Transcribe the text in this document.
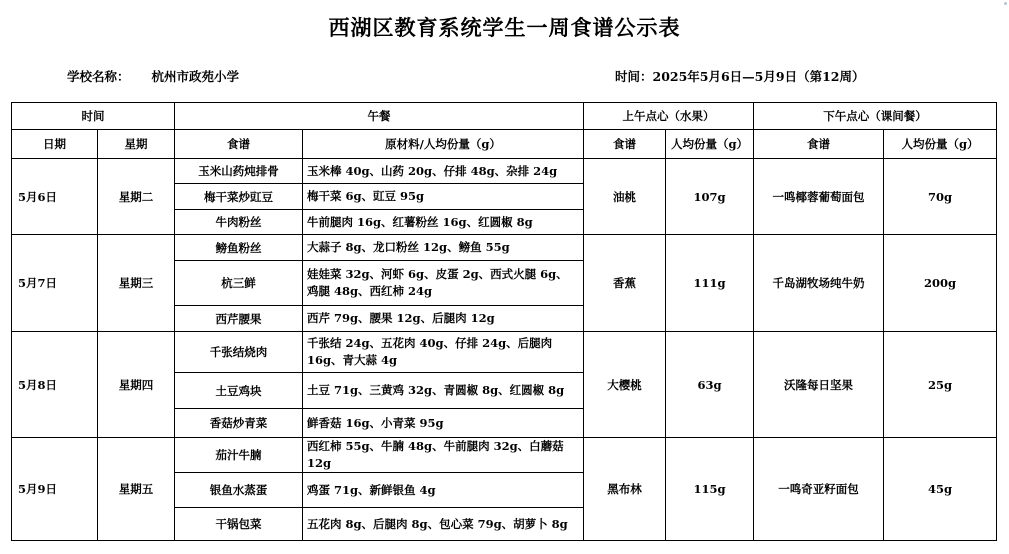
西湖区教育系统学生一周食谱公示表
学校名称： 杭州市政苑小学	时间：2025年5月6日—5月9日（第12周）
时间		午餐		上午点心（水果）		下午点心（课间餐）	
日期	星期	食谱	原材料/人均份量（g）	食谱	人均份量（g）	食谱	人均份量（g）
5月6日	星期二	玉米山药炖排骨	玉米棒 40g、山药 20g、仔排 48g、杂排 24g	油桃	107g	一鸣椰蓉葡萄面包	70g
		梅干菜炒豇豆	梅干菜 6g、豇豆 95g				
		牛肉粉丝	牛前腿肉 16g、红薯粉丝 16g、红圆椒 8g				
5月7日	星期三	鳑鱼粉丝	大蒜子 8g、龙口粉丝 12g、鳑鱼 55g	香蕉	111g	千岛湖牧场纯牛奶	200g
		杭三鲜	娃娃菜 32g、河虾 6g、皮蛋 2g、西式火腿 6g、鸡腿 48g、西红柿 24g				
		西芹腰果	西芹 79g、腰果 12g、后腿肉 12g				
5月8日	星期四	千张结烧肉	千张结 24g、五花肉 40g、仔排 24g、后腿肉 16g、青大蒜 4g	大樱桃	63g	沃隆每日坚果	25g
		土豆鸡块	土豆 71g、三黄鸡 32g、青圆椒 8g、红圆椒 8g				
		香菇炒青菜	鲜香菇 16g、小青菜 95g				
5月9日	星期五	茄汁牛腩	西红柿 55g、牛腩 48g、牛前腿肉 32g、白蘑菇 12g	黑布林	115g	一鸣奇亚籽面包	45g
		银鱼水蒸蛋	鸡蛋 71g、新鲜银鱼 4g				
		干锅包菜	五花肉 8g、后腿肉 8g、包心菜 79g、胡萝卜 8g				
